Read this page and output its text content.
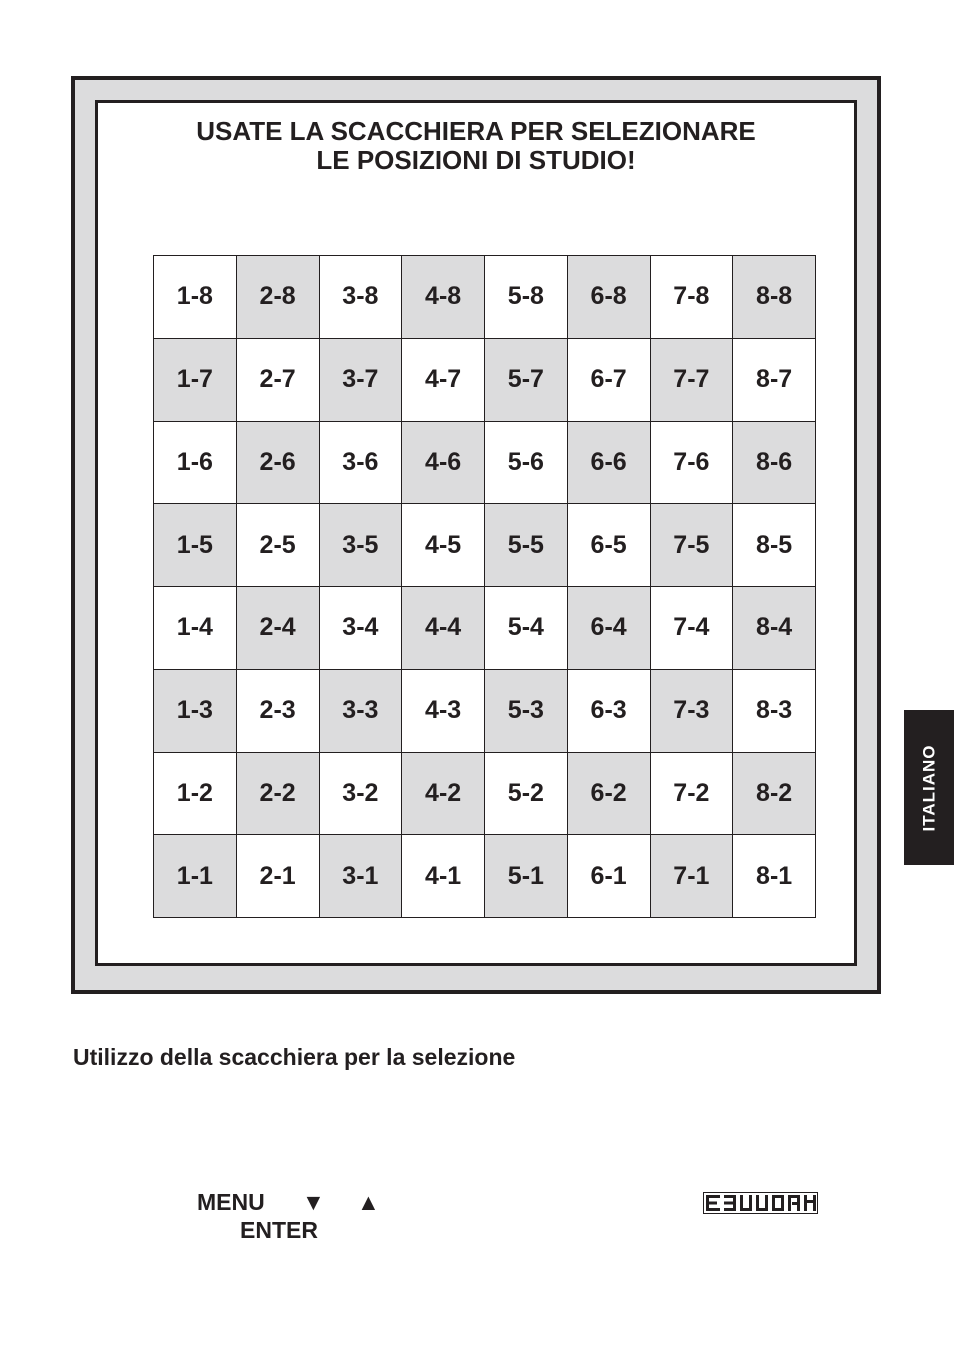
USATE LA SCACCHIERA PER SELEZIONARE
LE POSIZIONI DI STUDIO!
1-8	2-8	3-8	4-8	5-8	6-8	7-8	8-8
1-7	2-7	3-7	4-7	5-7	6-7	7-7	8-7
1-6	2-6	3-6	4-6	5-6	6-6	7-6	8-6
1-5	2-5	3-5	4-5	5-5	6-5	7-5	8-5
1-4	2-4	3-4	4-4	5-4	6-4	7-4	8-4
1-3	2-3	3-3	4-3	5-3	6-3	7-3	8-3
1-2	2-2	3-2	4-2	5-2	6-2	7-2	8-2
1-1	2-1	3-1	4-1	5-1	6-1	7-1	8-1
ITALIANO
Utilizzo della scacchiera per la selezione
MENU	▼	▲
ENTER
